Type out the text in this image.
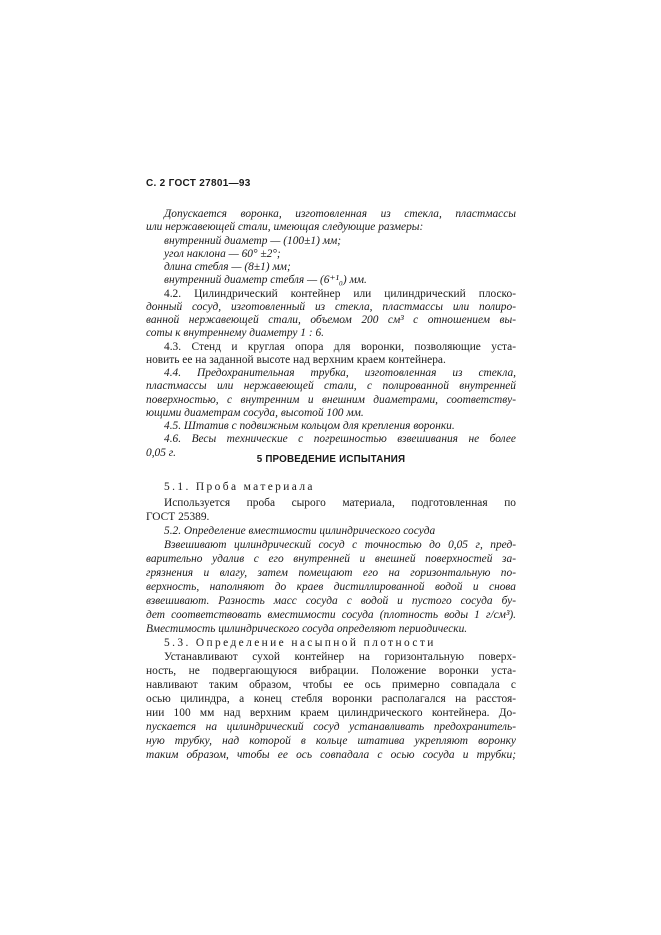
С. 2 ГОСТ 27801—93
Допускается воронка, изготовленная из стекла, пластмассы
или нержавеющей стали, имеющая следующие размеры:
внутренний диаметр — (100±1) мм;
угол наклона — 60° ±2°;
длина стебля — (8±1) мм;
внутренний диаметр стебля — (6⁺¹₀) мм.
4.2. Цилиндрический контейнер или цилиндрический плоско-
донный сосуд, изготовленный из стекла, пластмассы или полиро-
ванной нержавеющей стали, объемом 200 см³ с отношением вы-
соты к внутреннему диаметру 1 : 6.
4.3. Стенд и круглая опора для воронки, позволяющие уста-
новить ее на заданной высоте над верхним краем контейнера.
4.4. Предохранительная трубка, изготовленная из стекла,
пластмассы или нержавеющей стали, с полированной внутренней
поверхностью, с внутренним и внешним диаметрами, соответству-
ющими диаметрам сосуда, высотой 100 мм.
4.5. Штатив с подвижным кольцом для крепления воронки.
4.6. Весы технические с погрешностью взвешивания не более
0,05 г.
5 ПРОВЕДЕНИЕ ИСПЫТАНИЯ
5.1. Проба материала
Используется проба сырого материала, подготовленная по
ГОСТ 25389.
5.2. Определение вместимости цилиндрического сосуда
Взвешивают цилиндрический сосуд с точностью до 0,05 г, пред-
варительно удалив с его внутренней и внешней поверхностей за-
грязнения и влагу, затем помещают его на горизонтальную по-
верхность, наполняют до краев дистиллированной водой и снова
взвешивают. Разность масс сосуда с водой и пустого сосуда бу-
дет соответствовать вместимости сосуда (плотность воды 1 г/см³).
Вместимость цилиндрического сосуда определяют периодически.
5.3. Определение насыпной плотности
Устанавливают сухой контейнер на горизонтальную поверх-
ность, не подвергающуюся вибрации. Положение воронки уста-
навливают таким образом, чтобы ее ось примерно совпадала с
осью цилиндра, а конец стебля воронки располагался на расстоя-
нии 100 мм над верхним краем цилиндрического контейнера. До-
пускается на цилиндрический сосуд устанавливать предохранитель-
ную трубку, над которой в кольце штатива укрепляют воронку
таким образом, чтобы ее ось совпадала с осью сосуда и трубки;
